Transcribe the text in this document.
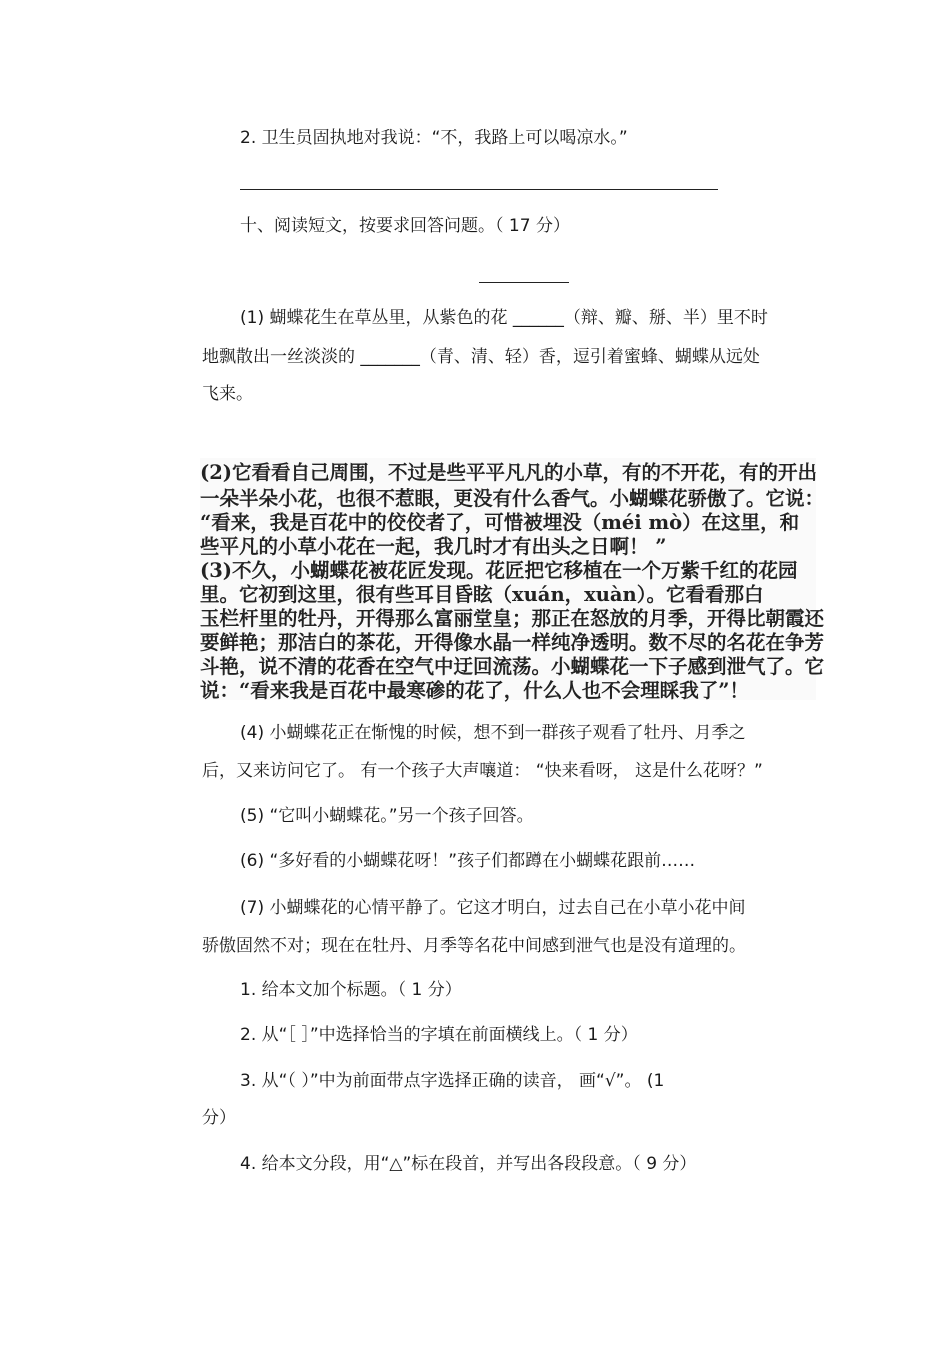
2. 卫生员固执地对我说：“不，我路上可以喝凉水。”
十、阅读短文，按要求回答问题。（ 17 分）
(1) 蝴蝶花生在草丛里，从紫色的花 ______（辩、瓣、掰、半）里不时
地飘散出一丝淡淡的 _______（青、清、轻）香，逗引着蜜蜂、蝴蝶从远处
飞来。
(2)它看看自己周围，不过是些平平凡凡的小草，有的不开花，有的开出
一朵半朵小花，也很不惹眼，更没有什么香气。小蝴蝶花骄傲了。它说：
“看来，我是百花中的佼佼者了，可惜被埋没（méi mò）在这里，和
些平凡的小草小花在一起，我几时才有出头之日啊！ ”
(3)不久，小蝴蝶花被花匠发现。花匠把它移植在一个万紫千红的花园
里。它初到这里，很有些耳目昏眩（xuán，xuàn）。它看看那白
玉栏杆里的牡丹，开得那么富丽堂皇；那正在怒放的月季，开得比朝霞还
要鲜艳；那洁白的茶花，开得像水晶一样纯净透明。数不尽的名花在争芳
斗艳，说不清的花香在空气中迂回流荡。小蝴蝶花一下子感到泄气了。它
说：“看来我是百花中最寒碜的花了，什么人也不会理睬我了”！
(4) 小蝴蝶花正在惭愧的时候，想不到一群孩子观看了牡丹、月季之
后，又来访问它了。 有一个孩子大声嚷道： “快来看呀， 这是什么花呀？”
(5) “它叫小蝴蝶花。”另一个孩子回答。
(6) “多好看的小蝴蝶花呀！”孩子们都蹲在小蝴蝶花跟前……
(7) 小蝴蝶花的心情平静了。它这才明白，过去自己在小草小花中间
骄傲固然不对；现在在牡丹、月季等名花中间感到泄气也是没有道理的。
1. 给本文加个标题。（ 1 分）
2. 从“［ ］”中选择恰当的字填在前面横线上。（ 1 分）
3. 从“（ ）”中为前面带点字选择正确的读音， 画“√”。 (1
分）
4. 给本文分段，用“△”标在段首，并写出各段段意。（ 9 分）
